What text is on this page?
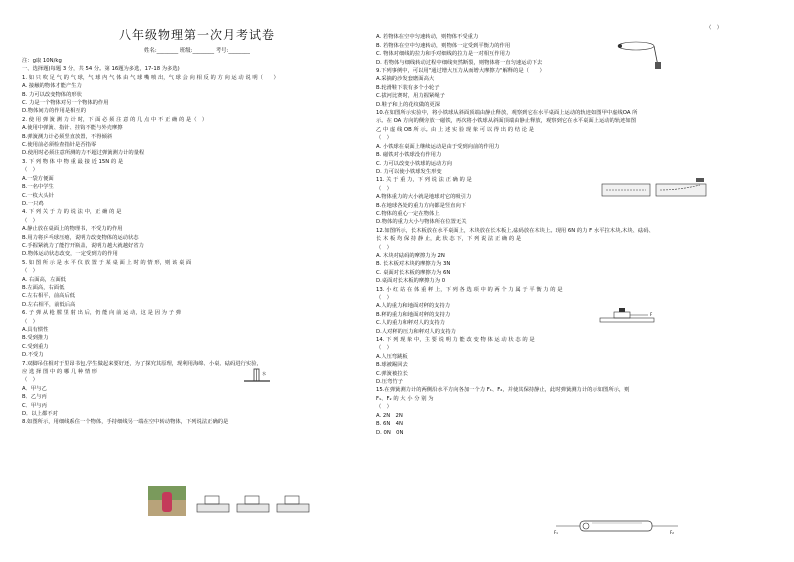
八年级物理第一次月考试卷
姓名:________ 班级:________ 考号:________
注：g取 10N/kg
一、选择题(每题 3 分，共 54 分。第 16题为多选，17-18 为多选)
1. 如 只 吹 足 气 的 气 球，气 球 内 气 体 由 气 球 嘴 喷 出，气 球 会 向 相 反 的 方 向 运 动 说 明（　　）
A. 接触的物体才能产生力
B. 力可以改变物体的形状
C. 力是一个物体对另一个物体的作用
D.物体间力的作用是相互的
2. 使 用 弹 簧 测 力 计 时，下 面 必 须 注 意 的 几 点 中 不 正 确 的 是（　）
A.使用中弹簧、指针、挂钩不能与外壳摩擦
B.弹簧测力计必须竖直放置，不得倾斜
C.使用前必须检查指针是否指零
D.使用时必须注意所测的力不超过弹簧测力计的量程
3. 下 列 物 体 中 物 重 最 接 近 15N 的 是
（　）
A.一袋方便面
B.一名中学生
C.一枚大头针
D.一只鸡
4. 下 列 关 于 力 的 说 法 中，正 确 的 是
（　）
A.静止放在桌面上的物理书，不受力的作用
B.用力将乒乓球压瘪，说明力改变物体的运动状态
C.手握紧就力了能拧开瓶盖，说明力越大就越好省力
D.物体运动状态改变，一定受到力的作用
5. 如 图 所 示 是 水 平 仪 放 置 于 某 桌 面 上 时 的 情 形，则 该 桌 面
（　）
A. 右面高，左面低
B.左面高，右面低
C.左右相平，前高后低
D.左右相平，前低后高
6. 子 弹 从 枪 膛 里 射 出 后，仍 能 向 前 运 动，这 是 因 为 子 弹
（　）
A.具有惯性
B.受到推力
C.受到重力
D.不受力
7.双脚吊住相对于里昂书包,学生做起来要好还，为了探究其原理，现利用海绵、小桌、砝码进行实验，
应 选 择 图 中 的 哪 几 种 情 形
（　）
A．甲与乙
B．乙与丙
C．甲与丙
D．以上都不对
8.如图所示，用细线系住一个物体，手持细线另一端在空中转动物体，下列说法正确的是
（　）
A. 若物体在空中匀速转动，则物体不受重力
B. 若物体在空中匀速转动，则物体一定受到平衡力的作用
C. 物体对细线的拉力和手对细线的拉力是一对相互作用力
D. 若物体与细线转动过程中细线突然断裂，则物体将一直匀速运动下去
9.下列事例中，可以用"通过增大压力从而增大摩擦力"解释的是（　　）
A.采摘的沙发套磨面高大
B.轮滑鞋下装有多个小轮子
C.拔河比赛时，用力握紧绳子
D.鞋子和上的花纹做的更深
10.在如图所示实验中，将小铁球从斜面顶端由静止释放，观察到它在水平桌面上运动的轨迹如图甲中虚线OA 所
示。在 OA 方向的侧旁放一磁铁，再次将小铁球从斜面顶端由静止释放，观察到它在水平桌面上运动的轨迹如图
乙 中 虚 线 OB 所 示。由 上 述 实 验 现 象 可 以 得 出 的 结 论 是
（　）
A. 小铁球在桌面上继续运动是由于受到向前的作用力
B. 磁铁对小铁球没有作用力
C. 力可以改变小铁球的运动方向
D. 力可以使小铁球发生形变
11. 关 于 重 力，下 列 说 法 正 确 的 是
（　）
A.物体重力的大小就是地球对它的吸引力
B.在地球各处的重力方向都是竖直向下
C.物体的重心一定在物体上
D.物体的重力大小与物体所在位置无关
12.如图所示，长木板放在水平桌面上，木块放在长木板上,砝码放在木块上。现用 6N 的力 F 水平拉木块,木块、砝码、
长 木 板 均 保 持 静 止，此 状 态 下，下 列 说 法 正 确 的 是
（　）
A. 木块对砝码的摩擦力为 2N
B. 长木板对木块的摩擦力为 3N
C. 桌面对长木板的摩擦力为 6N
D.桌面对长木板的摩擦力为 0
13. 小 红 站 在 体 重 秤 上，下 列 各 选 项 中 的 两 个 力 属 于 平 衡 力 的 是
（　）
A.人的重力和地面对秤的支持力
B.秤的重力和地面对秤的支持力
C.人的重力和秤对人的支持力
D.人对秤的压力和秤对人的支持力
14. 下 列 现 象 中，主 要 说 明 力 能 改 变 物 体 运 动 状 态 的 是
（　）
A.人压弯跳板
B.球被踢回去
C.弹簧被拉长
D.压弯竹子
15.在弹簧测力计的两侧沿水平方向各加一个力 F₁、F₂，并使其保持静止，此时弹簧测力计的示如图所示，则
F₁、F₂ 的 大 小 分 别 为
（　）
A. 2N　2N
B. 6N　4N
D. 0N　0N
水
F
F₁	F₂
